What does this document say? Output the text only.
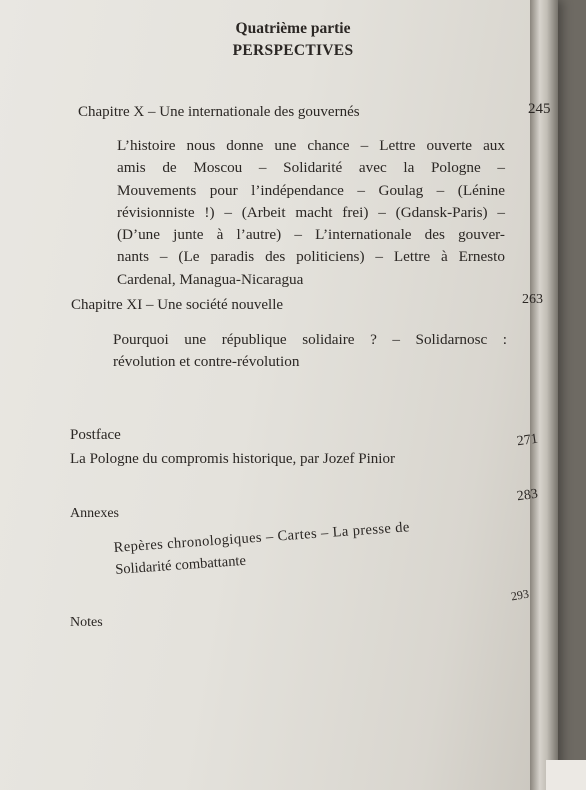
Quatrième partie
PERSPECTIVES
Chapitre X – Une internationale des gouvernés	245
L’histoire nous donne une chance – Lettre ouverte aux
amis de Moscou – Solidarité avec la Pologne –
Mouvements pour l’indépendance – Goulag – (Lénine
révisionniste !) – (Arbeit macht frei) – (Gdansk-Paris) –
(D’une junte à l’autre) – L’internationale des gouver-
nants – (Le paradis des politiciens) – Lettre à Ernesto
Cardenal, Managua-Nicaragua
Chapitre XI – Une société nouvelle	263
Pourquoi une république solidaire ? – Solidarnosc :
révolution et contre-révolution
Postface
La Pologne du compromis historique, par Jozef Pinior
271
Annexes
283
Repères chronologiques – Cartes – La presse de
Solidarité combattante
Notes
293
